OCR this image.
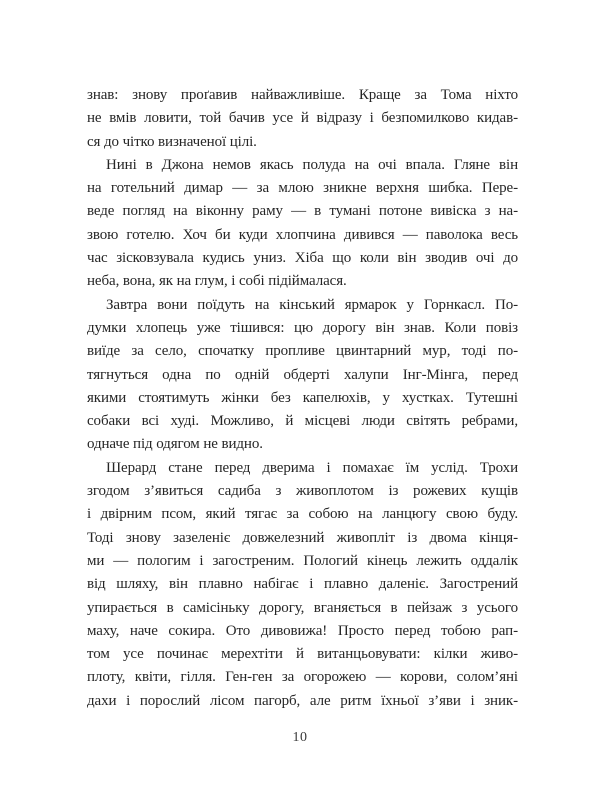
знав: знову проґавив найважливіше. Краще за Тома ніхто
не вмів ловити, той бачив усе й відразу і безпомилково кидав-
ся до чітко визначеної цілі.
Нині в Джона немов якась полуда на очі впала. Гляне він
на готельний димар — за млою зникне верхня шибка. Пере-
веде погляд на віконну раму — в тумані потоне вивіска з на-
звою готелю. Хоч би куди хлопчина дивився — паволока весь
час зісковзувала кудись униз. Хіба що коли він зводив очі до
неба, вона, як на глум, і собі підіймалася.
Завтра вони поїдуть на кінський ярмарок у Горнкасл. По-
думки хлопець уже тішився: цю дорогу він знав. Коли повіз
виїде за село, спочатку пропливе цвинтарний мур, тоді по-
тягнуться одна по одній обдерті халупи Інг-Мінга, перед
якими стоятимуть жінки без капелюхів, у хустках. Тутешні
собаки всі худі. Можливо, й місцеві люди світять ребрами,
одначе під одягом не видно.
Шерард стане перед дверима і помахає їм услід. Трохи
згодом з’явиться садиба з живоплотом із рожевих кущів
і двірним псом, який тягає за собою на ланцюгу свою буду.
Тоді знову зазеленіє довжелезний живопліт із двома кінця-
ми — пологим і загостреним. Пологий кінець лежить оддалік
від шляху, він плавно набігає і плавно даленіє. Загострений
упирається в самісіньку дорогу, вганяється в пейзаж з усього
маху, наче сокира. Ото дивовижа! Просто перед тобою рап-
том усе починає мерехтіти й витанцьовувати: кілки живо-
плоту, квіти, гілля. Ген-ген за огорожею — корови, солом’яні
дахи і порослий лісом пагорб, але ритм їхньої з’яви і зник-
10
